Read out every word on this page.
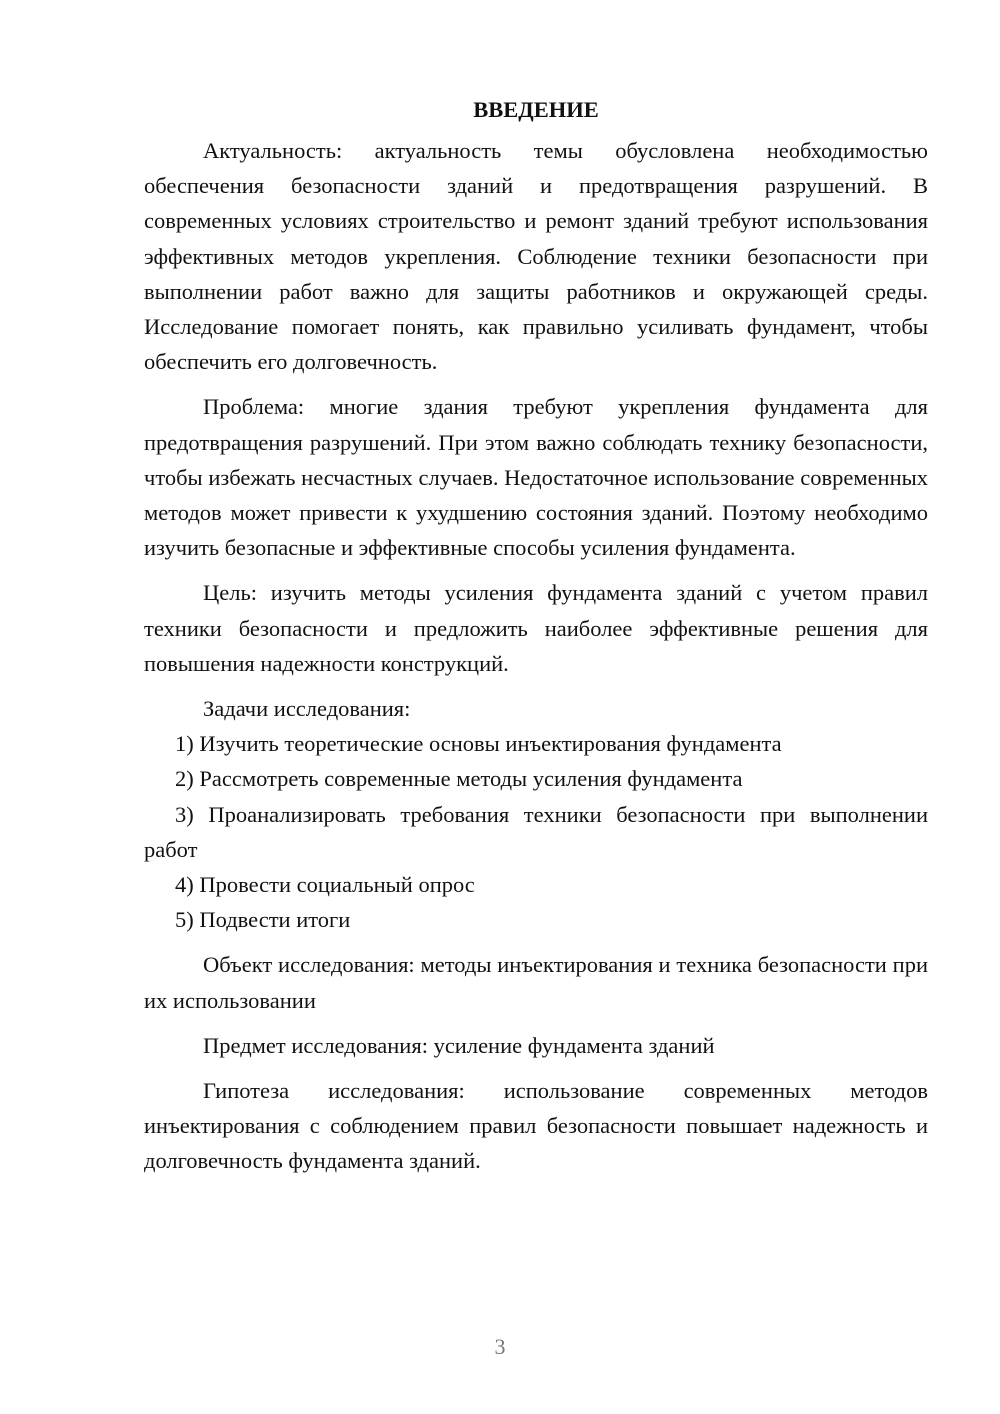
ВВЕДЕНИЕ

Актуальность: актуальность темы обусловлена необходимостью обеспечения безопасности зданий и предотвращения разрушений. В современных условиях строительство и ремонт зданий требуют использования эффективных методов укрепления. Соблюдение техники безопасности при выполнении работ важно для защиты работников и окружающей среды. Исследование помогает понять, как правильно усиливать фундамент, чтобы обеспечить его долговечность.

Проблема: многие здания требуют укрепления фундамента для предотвращения разрушений. При этом важно соблюдать технику безопасности, чтобы избежать несчастных случаев. Недостаточное использование современных методов может привести к ухудшению состояния зданий. Поэтому необходимо изучить безопасные и эффективные способы усиления фундамента.

Цель: изучить методы усиления фундамента зданий с учетом правил техники безопасности и предложить наиболее эффективные решения для повышения надежности конструкций.

Задачи исследования:

1) Изучить теоретические основы инъектирования фундамента

2) Рассмотреть современные методы усиления фундамента

3) Проанализировать требования техники безопасности при выполнении работ

4) Провести социальный опрос

5) Подвести итоги

Объект исследования: методы инъектирования и техника безопасности при их использовании

Предмет исследования: усиление фундамента зданий

Гипотеза исследования: использование современных методов инъектирования с соблюдением правил безопасности повышает надежность и долговечность фундамента зданий.

3
